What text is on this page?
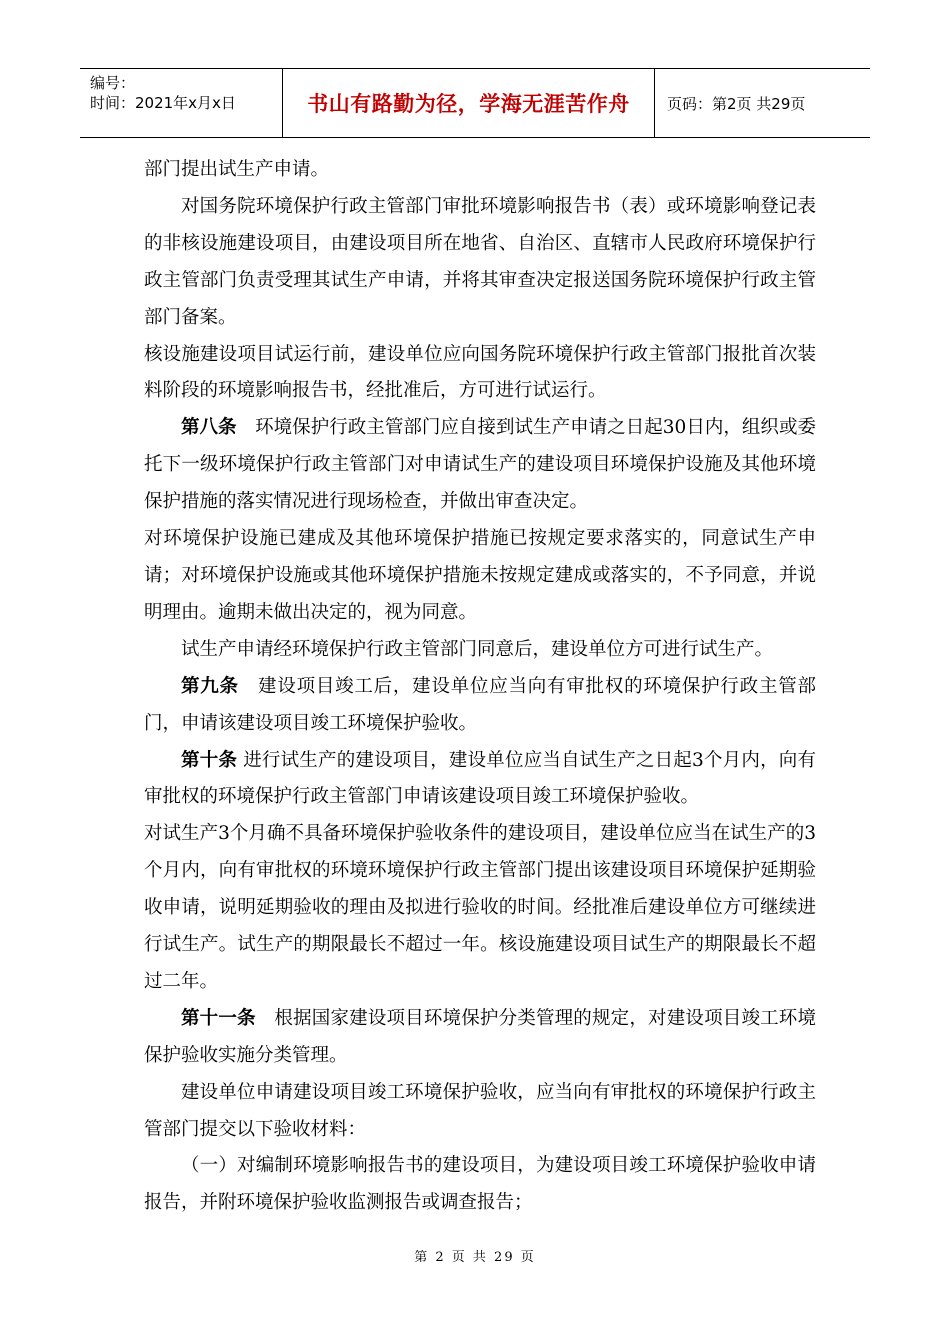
编号：
时间：2021年x月x日	书山有路勤为径，学海无涯苦作舟	页码：第2页 共29页

部门提出试生产申请。

对国务院环境保护行政主管部门审批环境影响报告书（表）或环境影响登记表的非核设施建设项目，由建设项目所在地省、自治区、直辖市人民政府环境保护行政主管部门负责受理其试生产申请，并将其审查决定报送国务院环境保护行政主管部门备案。

核设施建设项目试运行前，建设单位应向国务院环境保护行政主管部门报批首次装料阶段的环境影响报告书，经批准后，方可进行试运行。

第八条　环境保护行政主管部门应自接到试生产申请之日起30日内，组织或委托下一级环境保护行政主管部门对申请试生产的建设项目环境保护设施及其他环境保护措施的落实情况进行现场检查，并做出审查决定。

对环境保护设施已建成及其他环境保护措施已按规定要求落实的，同意试生产申请；对环境保护设施或其他环境保护措施未按规定建成或落实的，不予同意，并说明理由。逾期未做出决定的，视为同意。

试生产申请经环境保护行政主管部门同意后，建设单位方可进行试生产。

第九条　建设项目竣工后，建设单位应当向有审批权的环境保护行政主管部门，申请该建设项目竣工环境保护验收。

第十条 进行试生产的建设项目，建设单位应当自试生产之日起3个月内，向有审批权的环境保护行政主管部门申请该建设项目竣工环境保护验收。

对试生产3个月确不具备环境保护验收条件的建设项目，建设单位应当在试生产的3个月内，向有审批权的环境环境保护行政主管部门提出该建设项目环境保护延期验收申请，说明延期验收的理由及拟进行验收的时间。经批准后建设单位方可继续进行试生产。试生产的期限最长不超过一年。核设施建设项目试生产的期限最长不超过二年。

第十一条　根据国家建设项目环境保护分类管理的规定，对建设项目竣工环境保护验收实施分类管理。

建设单位申请建设项目竣工环境保护验收，应当向有审批权的环境保护行政主管部门提交以下验收材料：

（一）对编制环境影响报告书的建设项目，为建设项目竣工环境保护验收申请报告，并附环境保护验收监测报告或调查报告；

第 2 页 共 29 页
